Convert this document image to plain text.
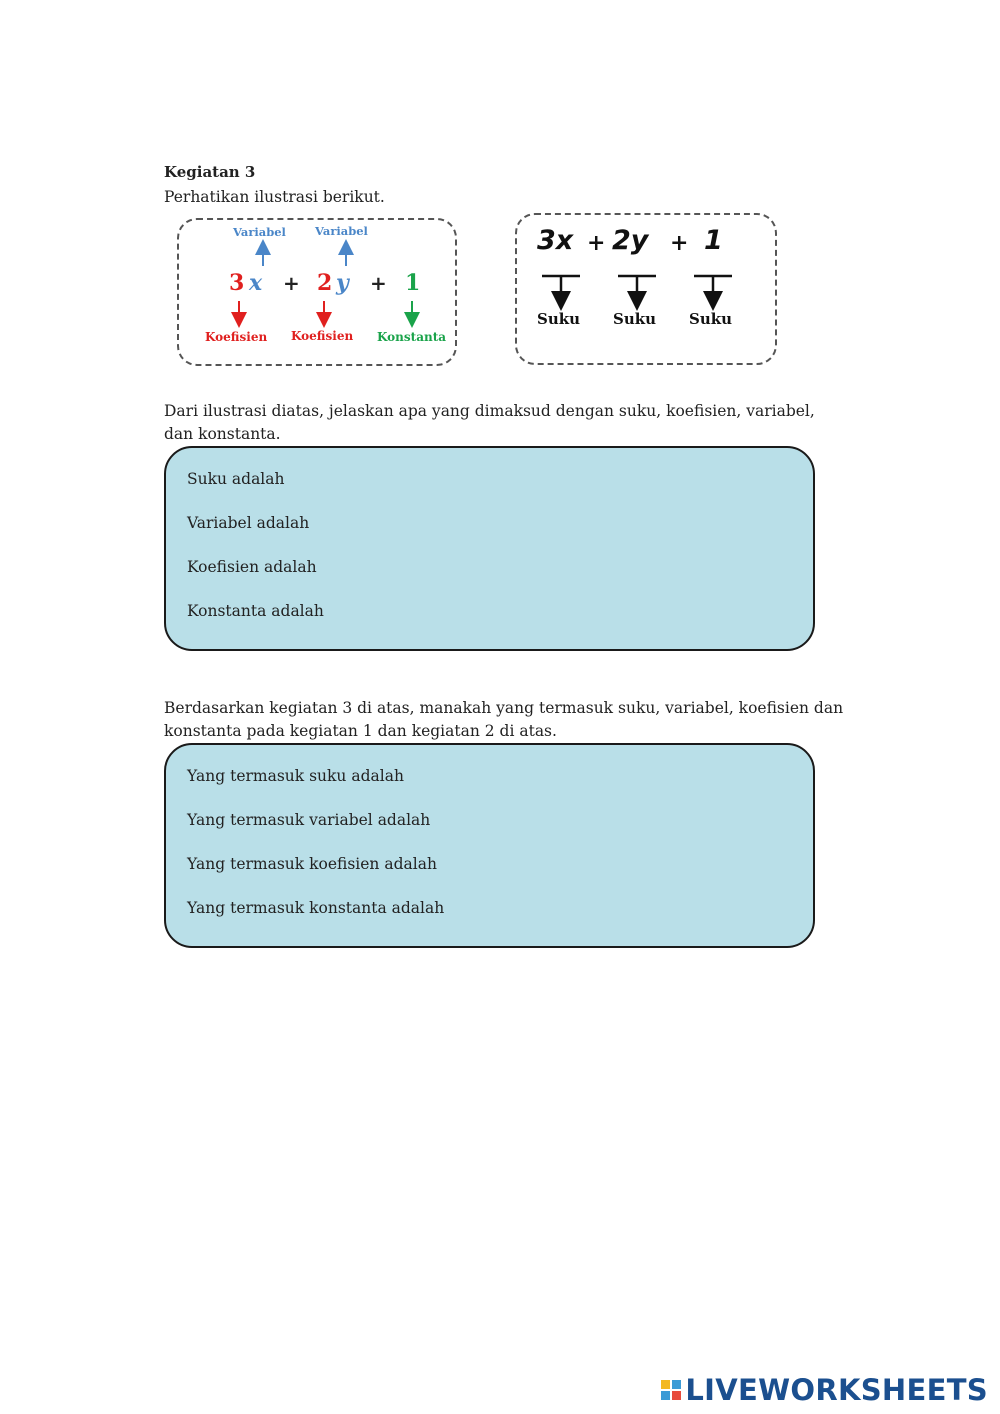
Kegiatan 3
Perhatikan ilustrasi berikut.
Variabel	Variabel
3 x + 2 y + 1
Koefisien Koefisien Konstanta
3x + 2y + 1
Suku Suku Suku
Dari ilustrasi diatas, jelaskan apa yang dimaksud dengan suku, koefisien, variabel, dan konstanta.
Suku adalah
Variabel adalah
Koefisien adalah
Konstanta adalah
Berdasarkan kegiatan 3 di atas, manakah yang termasuk suku, variabel, koefisien dan konstanta pada kegiatan 1 dan kegiatan 2 di atas.
Yang termasuk suku adalah
Yang termasuk variabel adalah
Yang termasuk koefisien adalah
Yang termasuk konstanta adalah
LIVEWORKSHEETS
